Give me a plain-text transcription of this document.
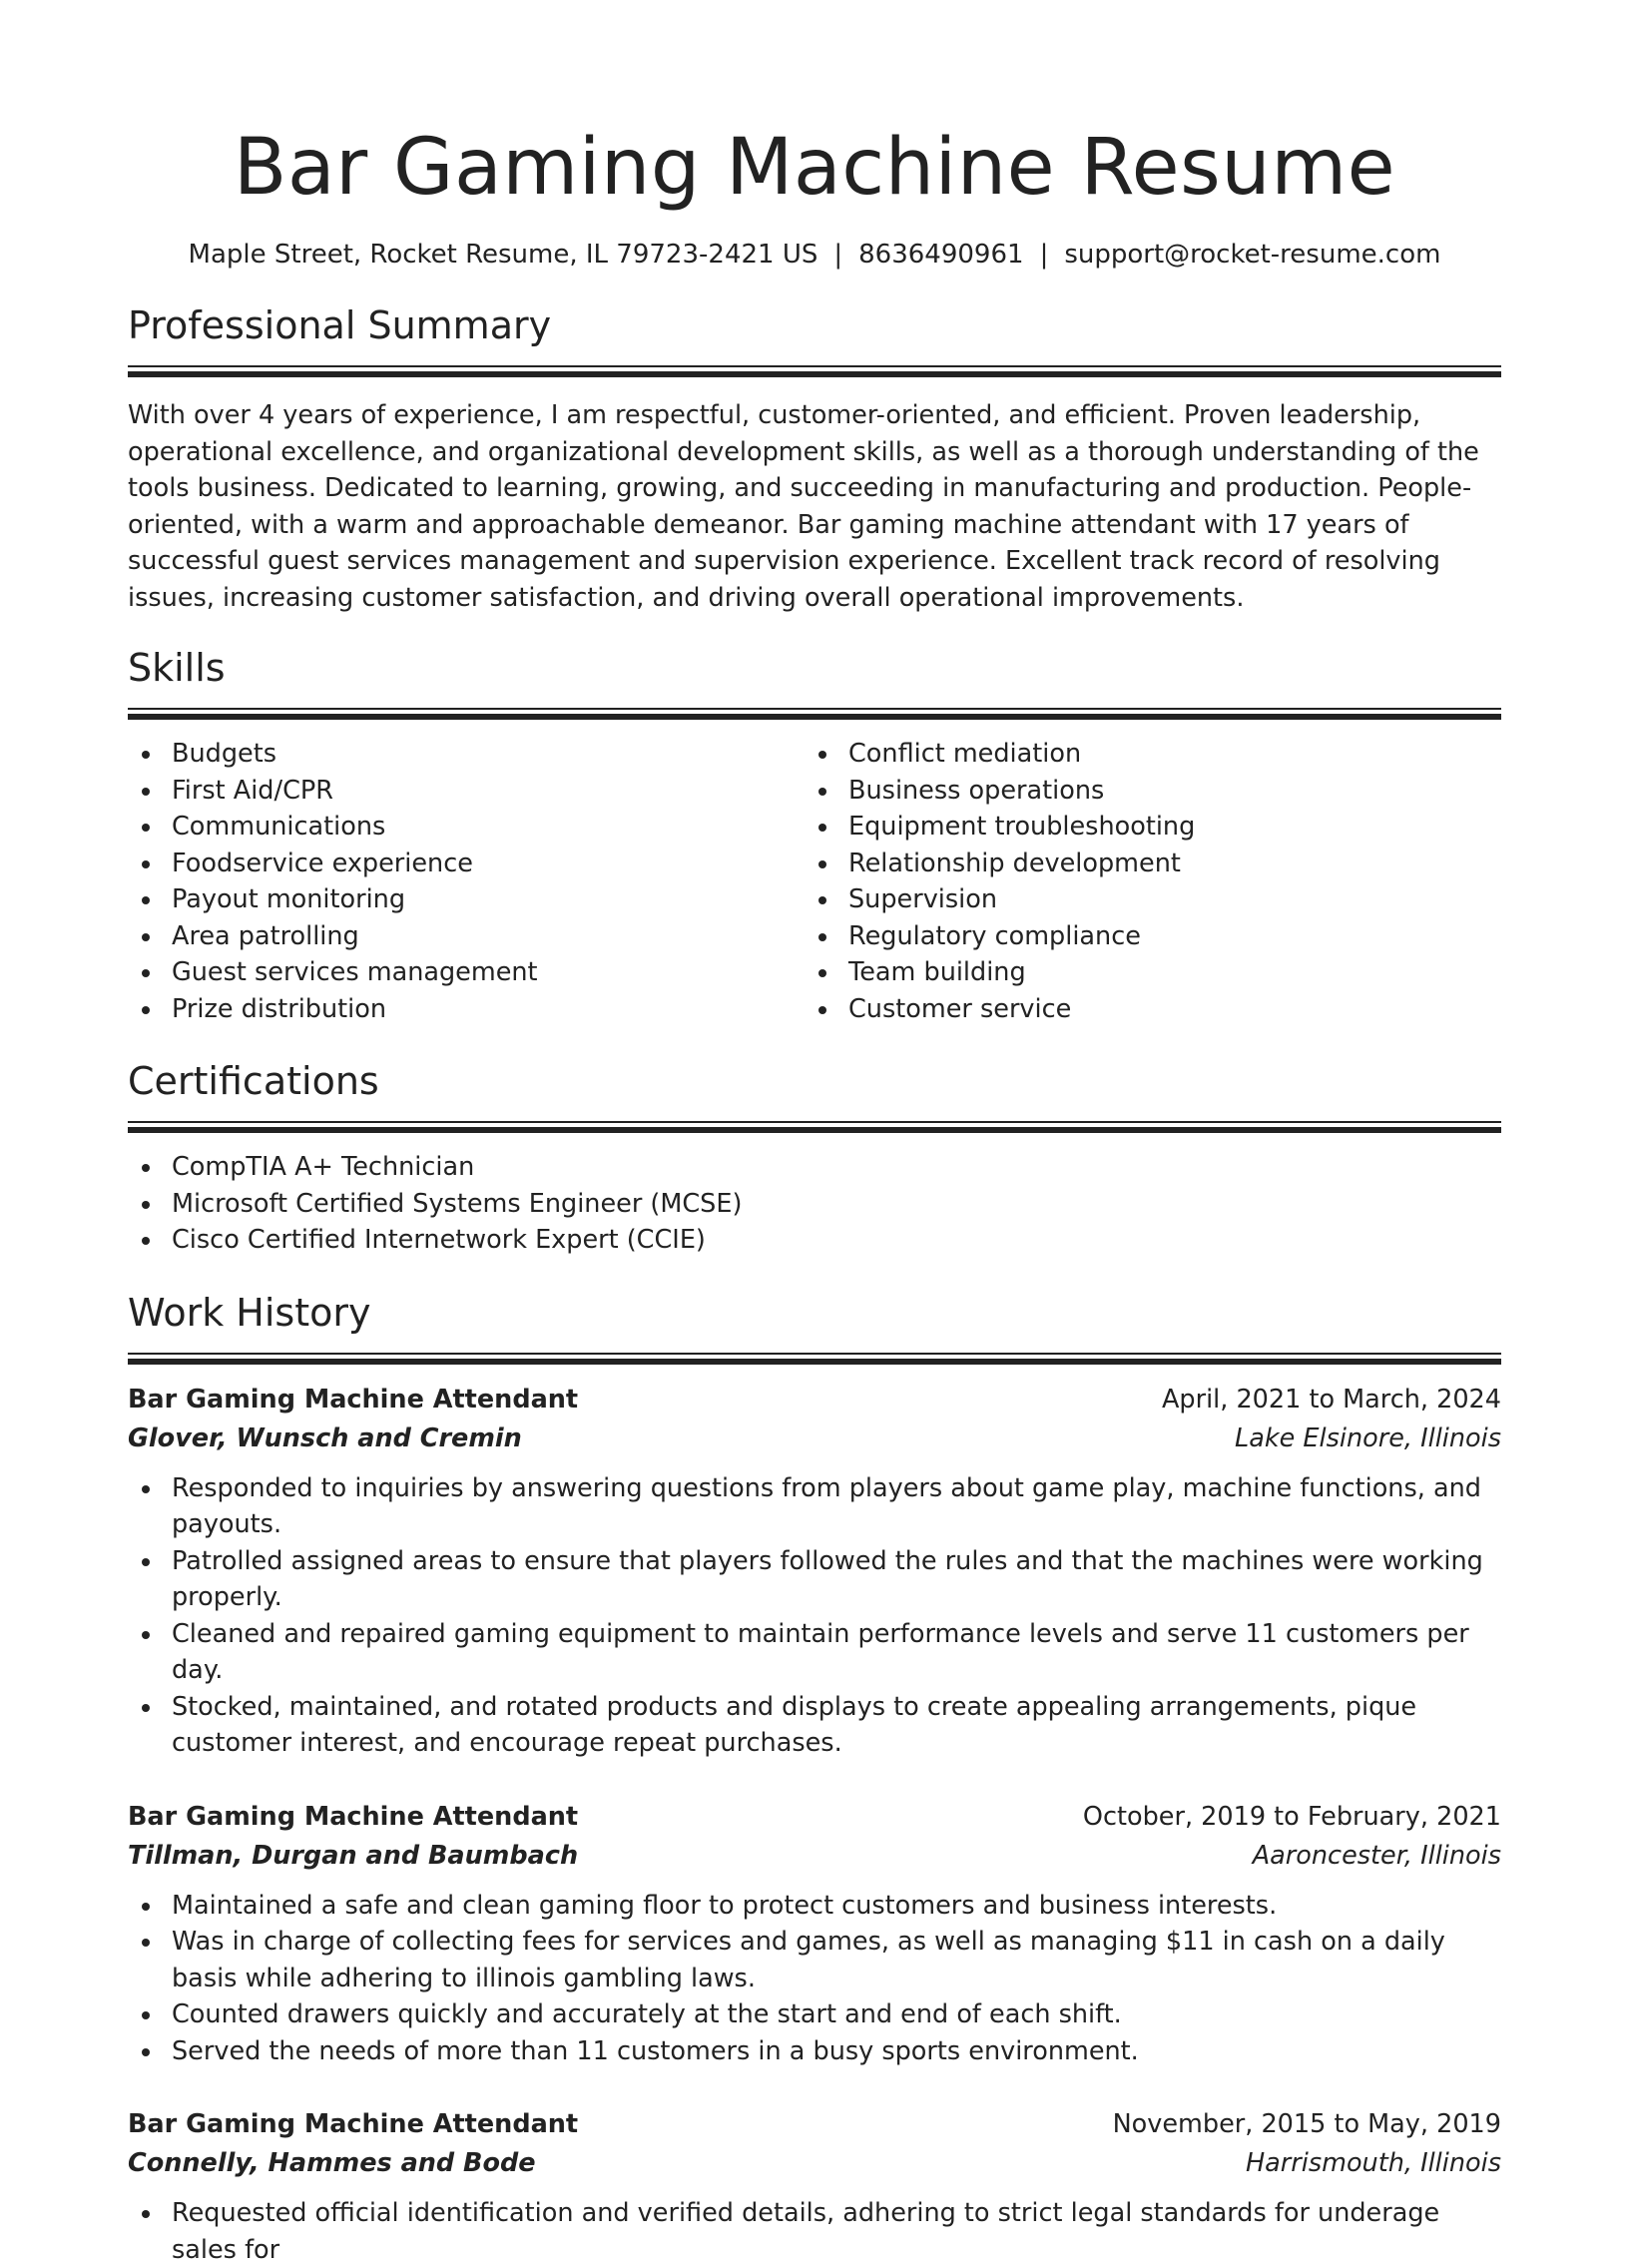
Bar Gaming Machine Resume
Maple Street, Rocket Resume, IL 79723-2421 US | 8636490961 | support@rocket-resume.com
Professional Summary

With over 4 years of experience, I am respectful, customer-oriented, and efficient. Proven leadership, operational excellence, and organizational development skills, as well as a thorough understanding of the tools business. Dedicated to learning, growing, and succeeding in manufacturing and production. People-oriented, with a warm and approachable demeanor. Bar gaming machine attendant with 17 years of successful guest services management and supervision experience. Excellent track record of resolving issues, increasing customer satisfaction, and driving overall operational improvements.

Skills
Budgets
First Aid/CPR
Communications
Foodservice experience
Payout monitoring
Area patrolling
Guest services management
Prize distribution
Conflict mediation
Business operations
Equipment troubleshooting
Relationship development
Supervision
Regulatory compliance
Team building
Customer service
Certifications
CompTIA A+ Technician
Microsoft Certified Systems Engineer (MCSE)
Cisco Certified Internetwork Expert (CCIE)
Work History
Bar Gaming Machine Attendant	April, 2021 to March, 2024
Glover, Wunsch and Cremin	Lake Elsinore, Illinois
Responded to inquiries by answering questions from players about game play, machine functions, and payouts.
Patrolled assigned areas to ensure that players followed the rules and that the machines were working properly.
Cleaned and repaired gaming equipment to maintain performance levels and serve 11 customers per day.
Stocked, maintained, and rotated products and displays to create appealing arrangements, pique customer interest, and encourage repeat purchases.
Bar Gaming Machine Attendant	October, 2019 to February, 2021
Tillman, Durgan and Baumbach	Aaroncester, Illinois
Maintained a safe and clean gaming floor to protect customers and business interests.
Was in charge of collecting fees for services and games, as well as managing $11 in cash on a daily basis while adhering to illinois gambling laws.
Counted drawers quickly and accurately at the start and end of each shift.
Served the needs of more than 11 customers in a busy sports environment.
Bar Gaming Machine Attendant	November, 2015 to May, 2019
Connelly, Hammes and Bode	Harrismouth, Illinois
Requested official identification and verified details, adhering to strict legal standards for underage sales for
